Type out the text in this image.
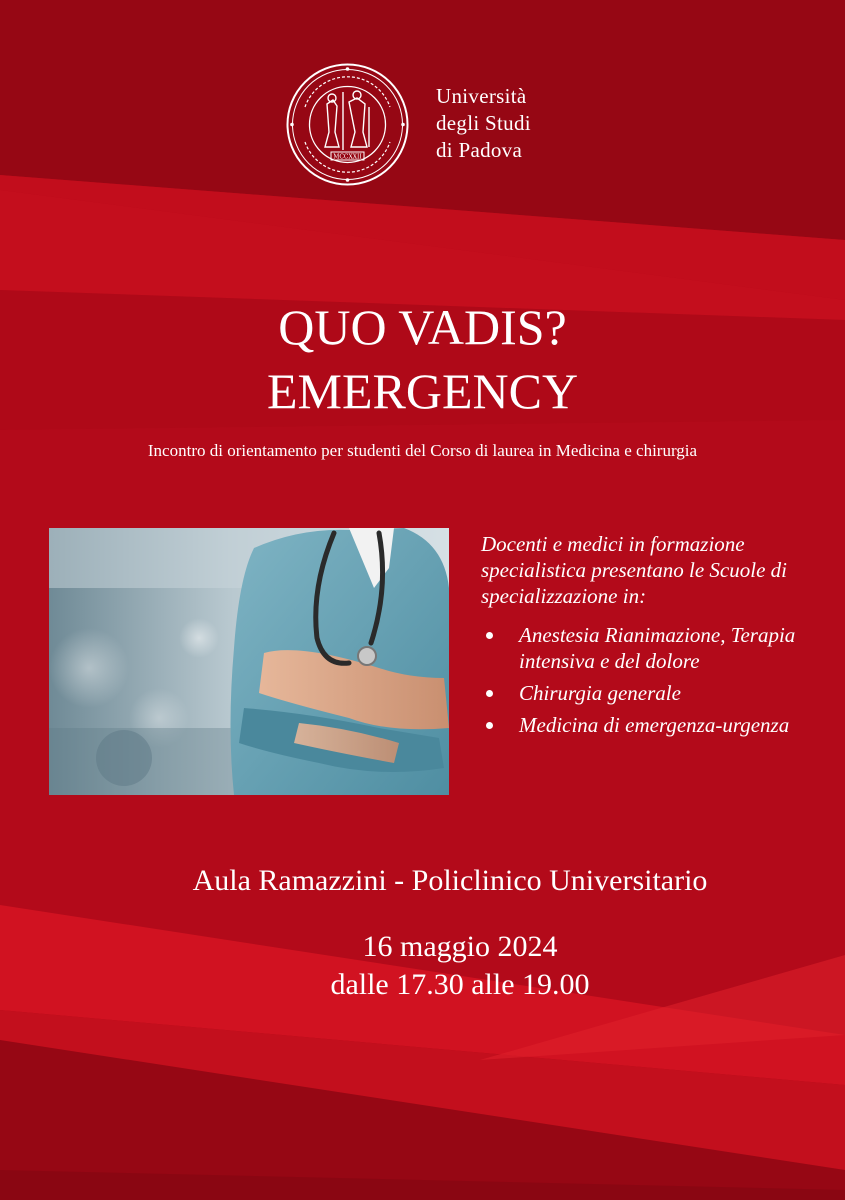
MCCXXII
Università
degli Studi
di Padova
QUO VADIS?
EMERGENCY
Incontro di orientamento per studenti del Corso di laurea in Medicina e chirurgia
Docenti e medici in formazione specialistica presentano le Scuole di specializzazione in:
Anestesia Rianimazione, Terapia intensiva e del dolore
Chirurgia generale
Medicina di emergenza-urgenza
Aula Ramazzini - Policlinico Universitario
16 maggio 2024
dalle 17.30 alle 19.00
